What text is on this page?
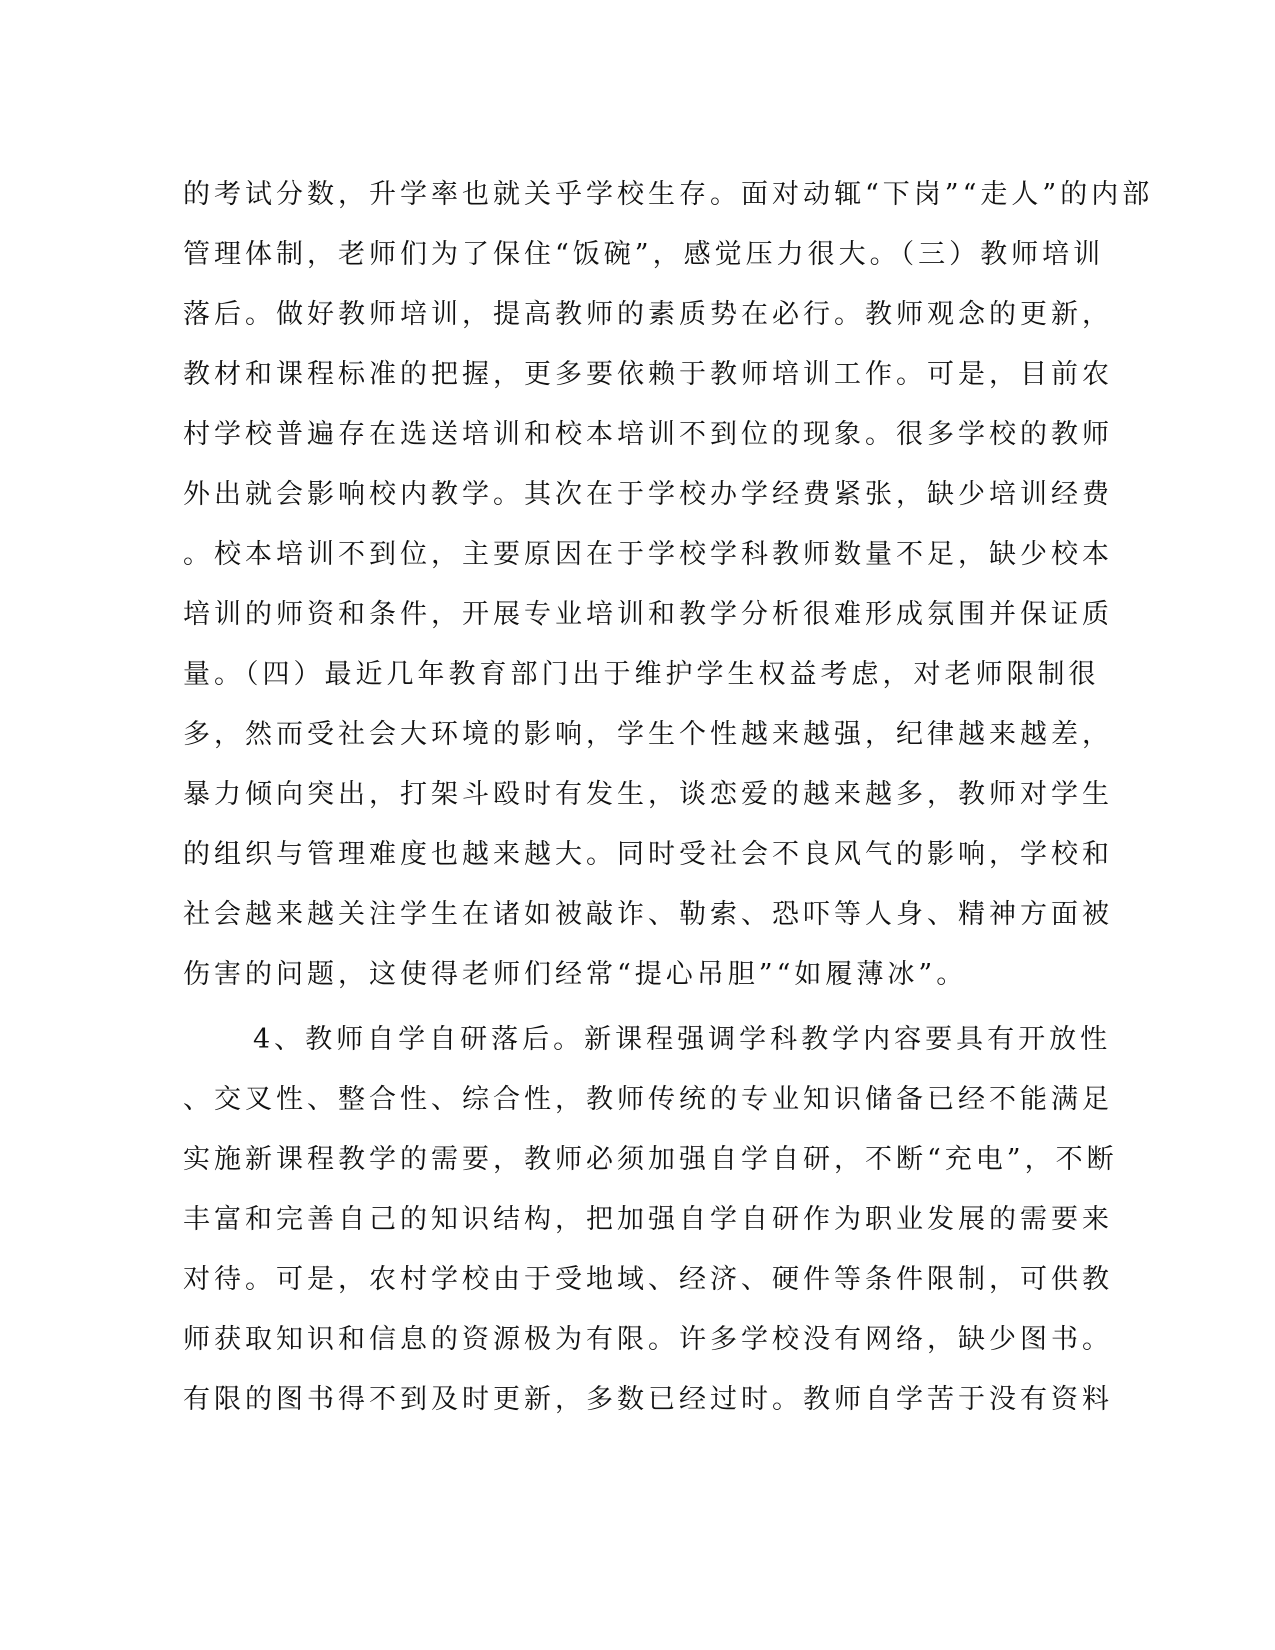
的考试分数，升学率也就关乎学校生存。面对动辄“下岗”“走人”的内部
管理体制，老师们为了保住“饭碗”，感觉压力很大。（三）教师培训
落后。做好教师培训，提高教师的素质势在必行。教师观念的更新，
教材和课程标准的把握，更多要依赖于教师培训工作。可是，目前农
村学校普遍存在选送培训和校本培训不到位的现象。很多学校的教师
外出就会影响校内教学。其次在于学校办学经费紧张，缺少培训经费
。校本培训不到位，主要原因在于学校学科教师数量不足，缺少校本
培训的师资和条件，开展专业培训和教学分析很难形成氛围并保证质
量。（四）最近几年教育部门出于维护学生权益考虑，对老师限制很
多，然而受社会大环境的影响，学生个性越来越强，纪律越来越差，
暴力倾向突出，打架斗殴时有发生，谈恋爱的越来越多，教师对学生
的组织与管理难度也越来越大。同时受社会不良风气的影响，学校和
社会越来越关注学生在诸如被敲诈、勒索、恐吓等人身、精神方面被
伤害的问题，这使得老师们经常“提心吊胆”“如履薄冰”。
4、教师自学自研落后。新课程强调学科教学内容要具有开放性
、交叉性、整合性、综合性，教师传统的专业知识储备已经不能满足
实施新课程教学的需要，教师必须加强自学自研，不断“充电”，不断
丰富和完善自己的知识结构，把加强自学自研作为职业发展的需要来
对待。可是，农村学校由于受地域、经济、硬件等条件限制，可供教
师获取知识和信息的资源极为有限。许多学校没有网络，缺少图书。
有限的图书得不到及时更新，多数已经过时。教师自学苦于没有资料
